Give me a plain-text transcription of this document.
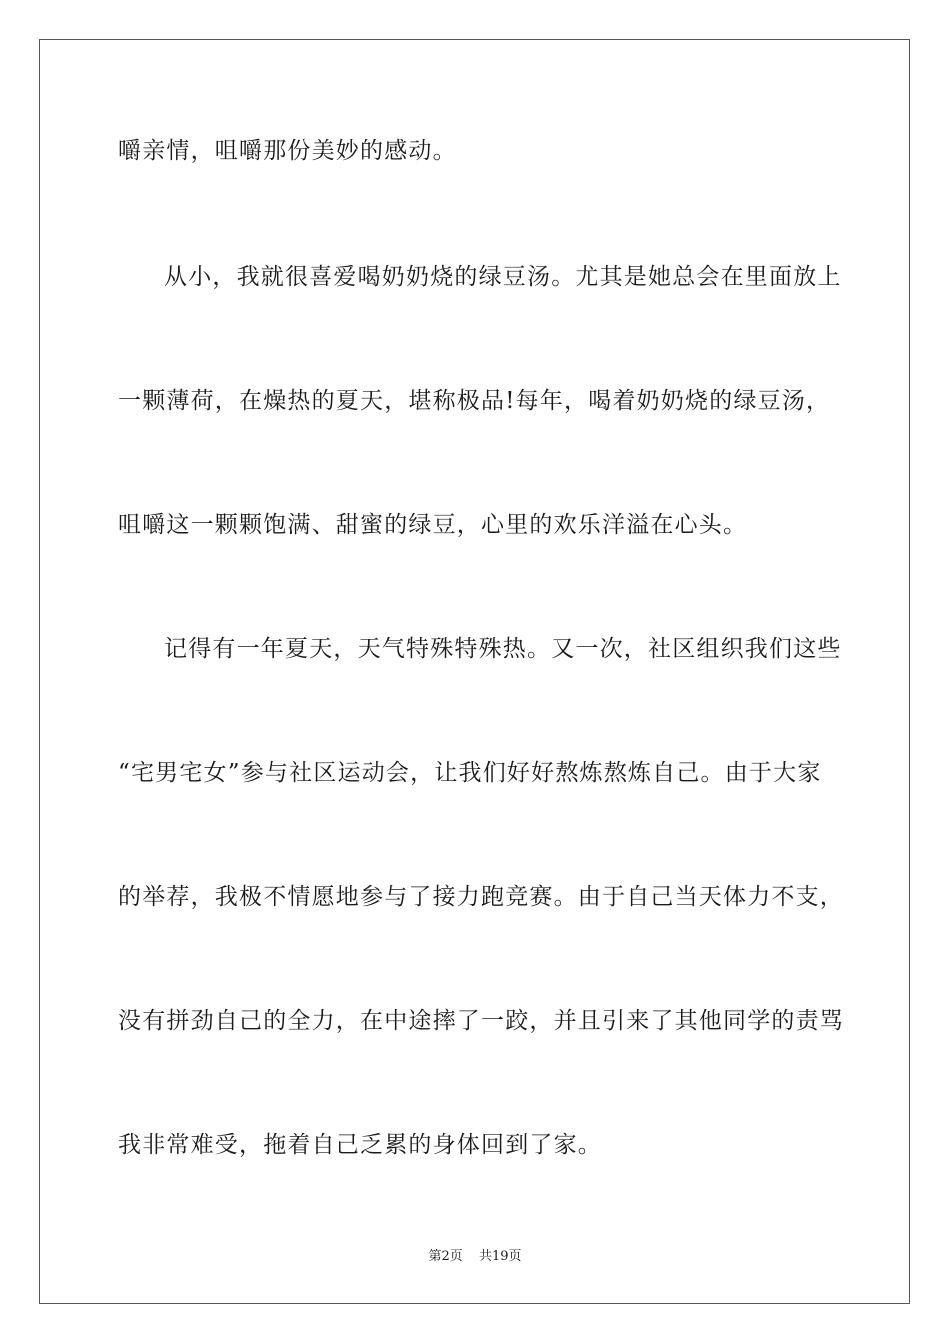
嚼亲情，咀嚼那份美妙的感动。
从小，我就很喜爱喝奶奶烧的绿豆汤。尤其是她总会在里面放上
一颗薄荷，在燥热的夏天，堪称极品!每年，喝着奶奶烧的绿豆汤，
咀嚼这一颗颗饱满、甜蜜的绿豆，心里的欢乐洋溢在心头。
记得有一年夏天，天气特殊特殊热。又一次，社区组织我们这些
“宅男宅女”参与社区运动会，让我们好好熬炼熬炼自己。由于大家
的举荐，我极不情愿地参与了接力跑竞赛。由于自己当天体力不支，
没有拼劲自己的全力，在中途摔了一跤，并且引来了其他同学的责骂
我非常难受，拖着自己乏累的身体回到了家。
第2页 共19页
